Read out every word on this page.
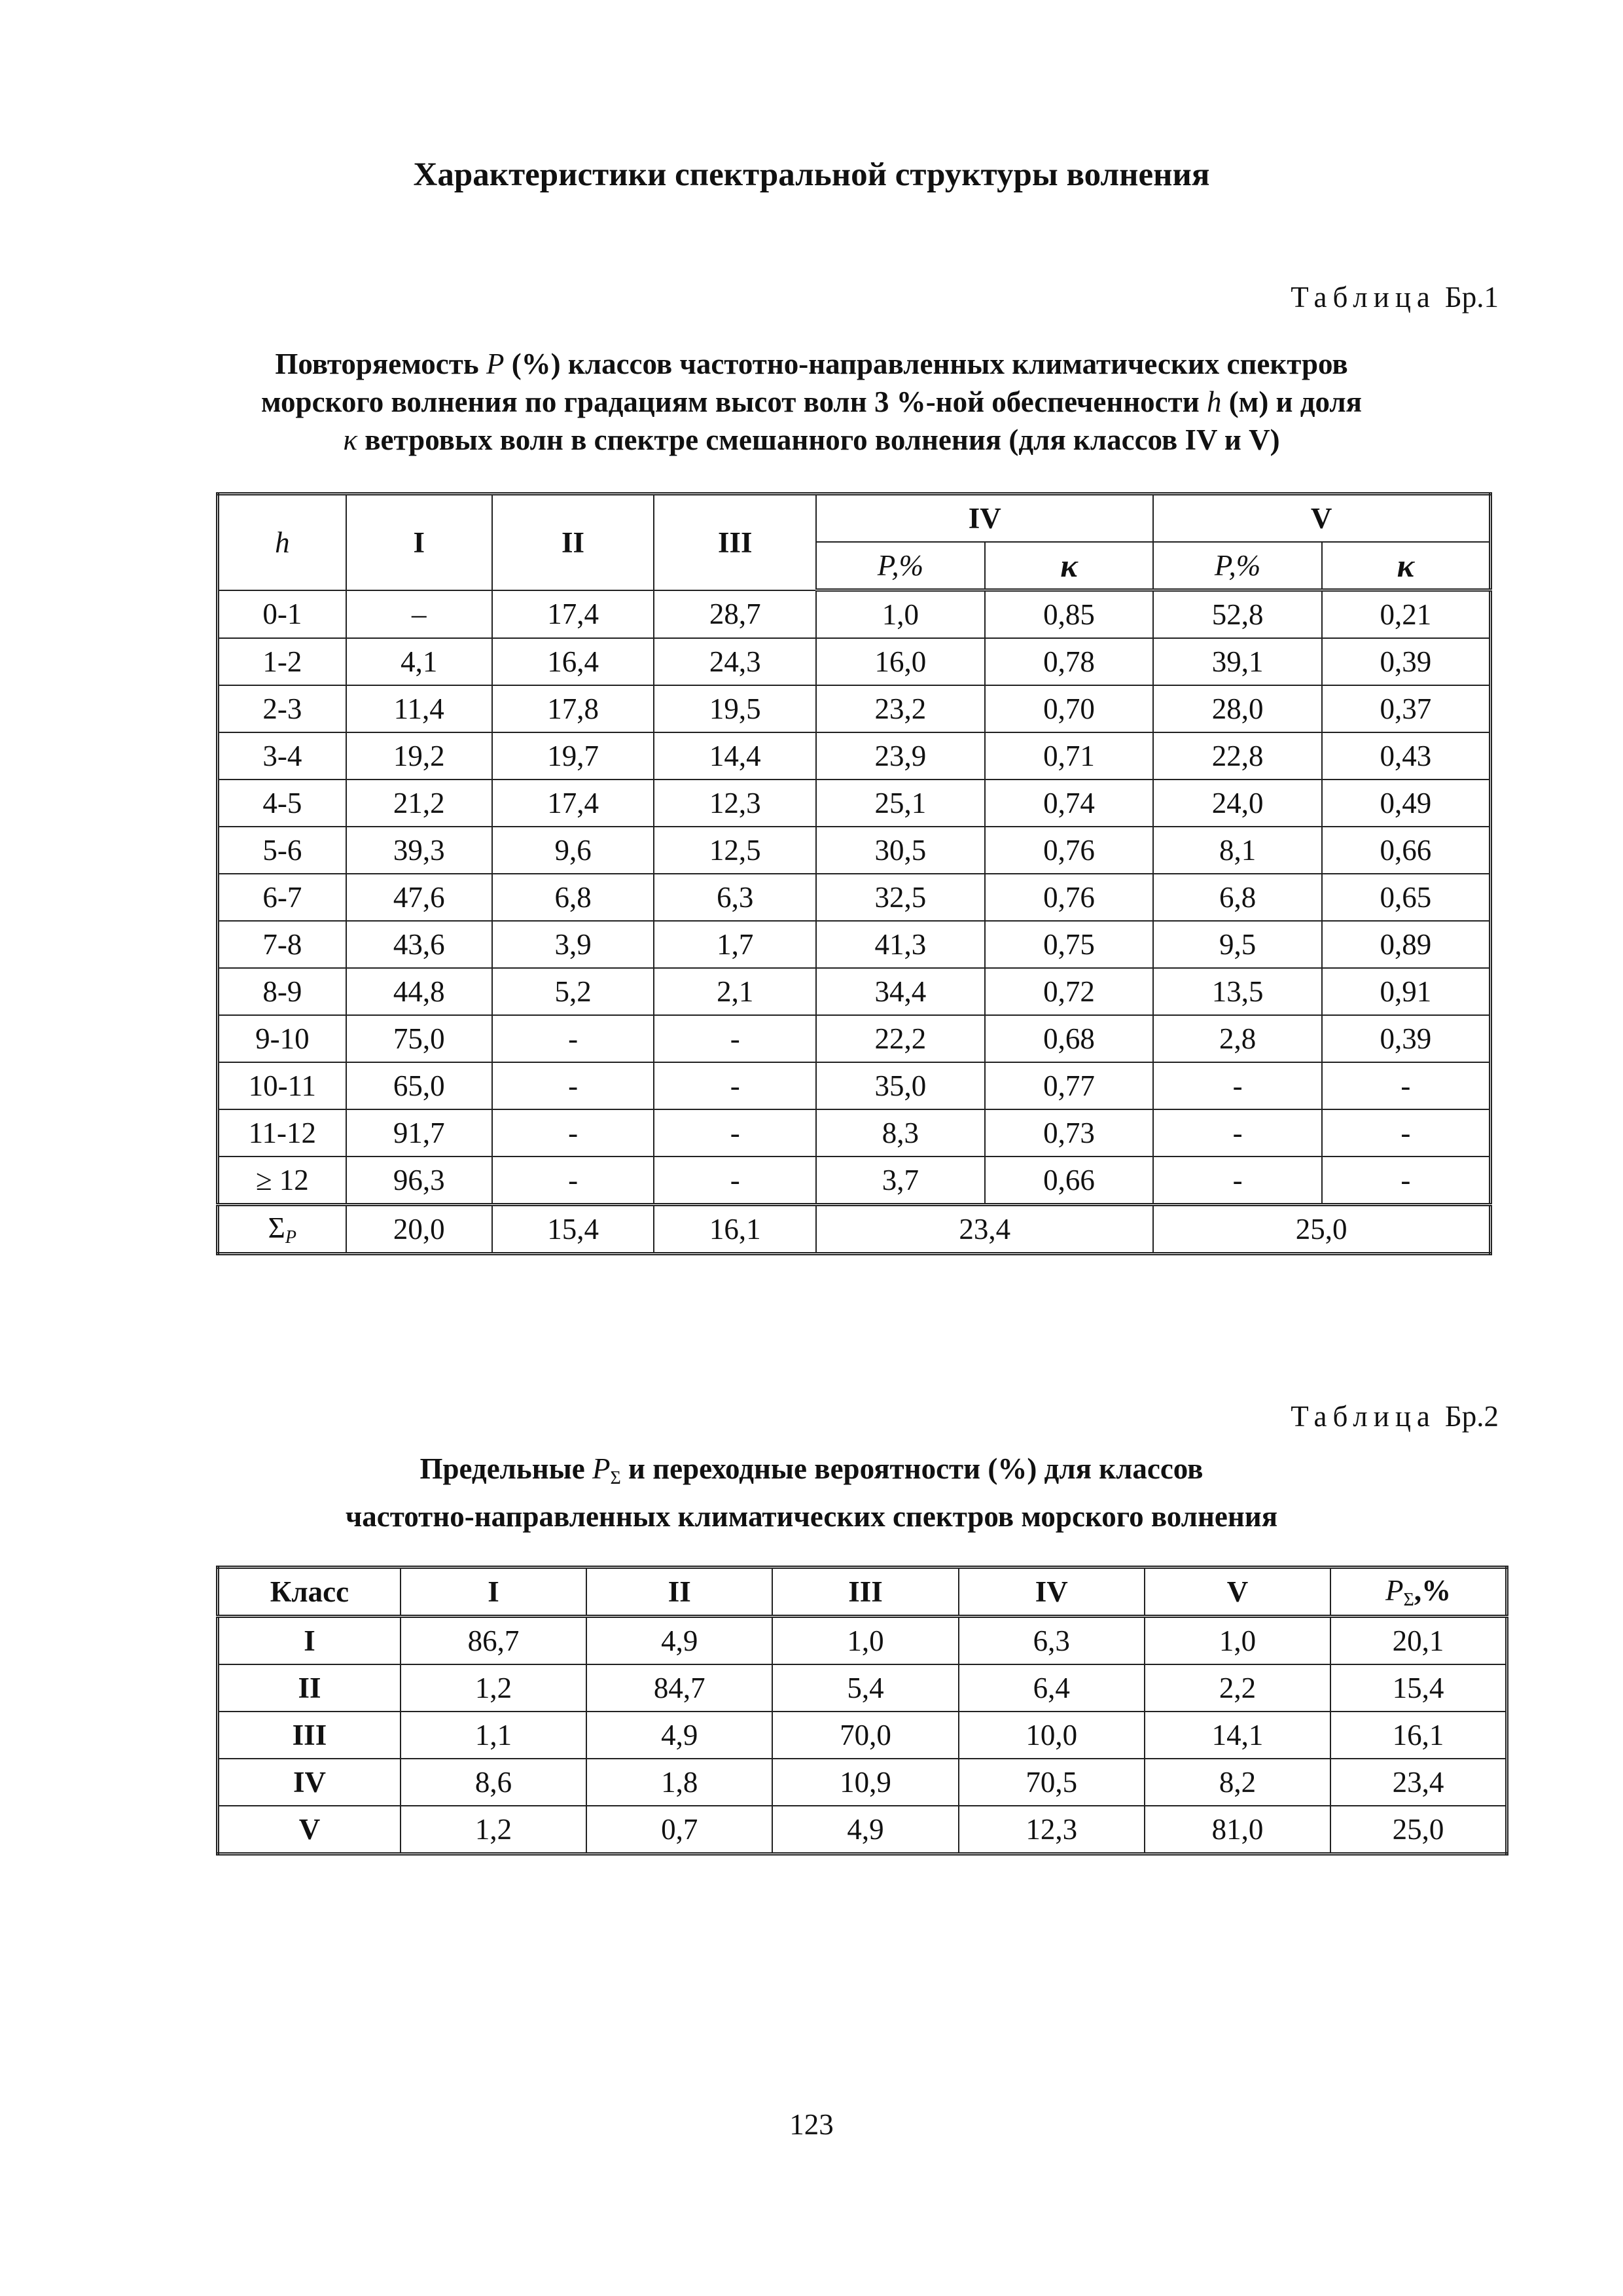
Характеристики спектральной структуры волнения
Таблица Бр.1
Повторяемость P (%) классов частотно-направленных климатических спектров
морского волнения по градациям высот волн 3 %-ной обеспеченности h (м) и доля
κ ветровых волн в спектре смешанного волнения (для классов IV и V)
h	I	II	III	IV		V	
				P,%	κ	P,%	κ
0-1	–	17,4	28,7	1,0	0,85	52,8	0,21
1-2	4,1	16,4	24,3	16,0	0,78	39,1	0,39
2-3	11,4	17,8	19,5	23,2	0,70	28,0	0,37
3-4	19,2	19,7	14,4	23,9	0,71	22,8	0,43
4-5	21,2	17,4	12,3	25,1	0,74	24,0	0,49
5-6	39,3	9,6	12,5	30,5	0,76	8,1	0,66
6-7	47,6	6,8	6,3	32,5	0,76	6,8	0,65
7-8	43,6	3,9	1,7	41,3	0,75	9,5	0,89
8-9	44,8	5,2	2,1	34,4	0,72	13,5	0,91
9-10	75,0	-	-	22,2	0,68	2,8	0,39
10-11	65,0	-	-	35,0	0,77	-	-
11-12	91,7	-	-	8,3	0,73	-	-
≥ 12	96,3	-	-	3,7	0,66	-	-
$\Sigma_P$	20,0	15,4	16,1	23,4		25,0	
Таблица Бр.2
Предельные $P_\Sigma$ и переходные вероятности (%) для классов
частотно-направленных климатических спектров морского волнения
Класс	I	II	III	IV	V	$P_\Sigma,\%$
I	86,7	4,9	1,0	6,3	1,0	20,1
II	1,2	84,7	5,4	6,4	2,2	15,4
III	1,1	4,9	70,0	10,0	14,1	16,1
IV	8,6	1,8	10,9	70,5	8,2	23,4
V	1,2	0,7	4,9	12,3	81,0	25,0
123
